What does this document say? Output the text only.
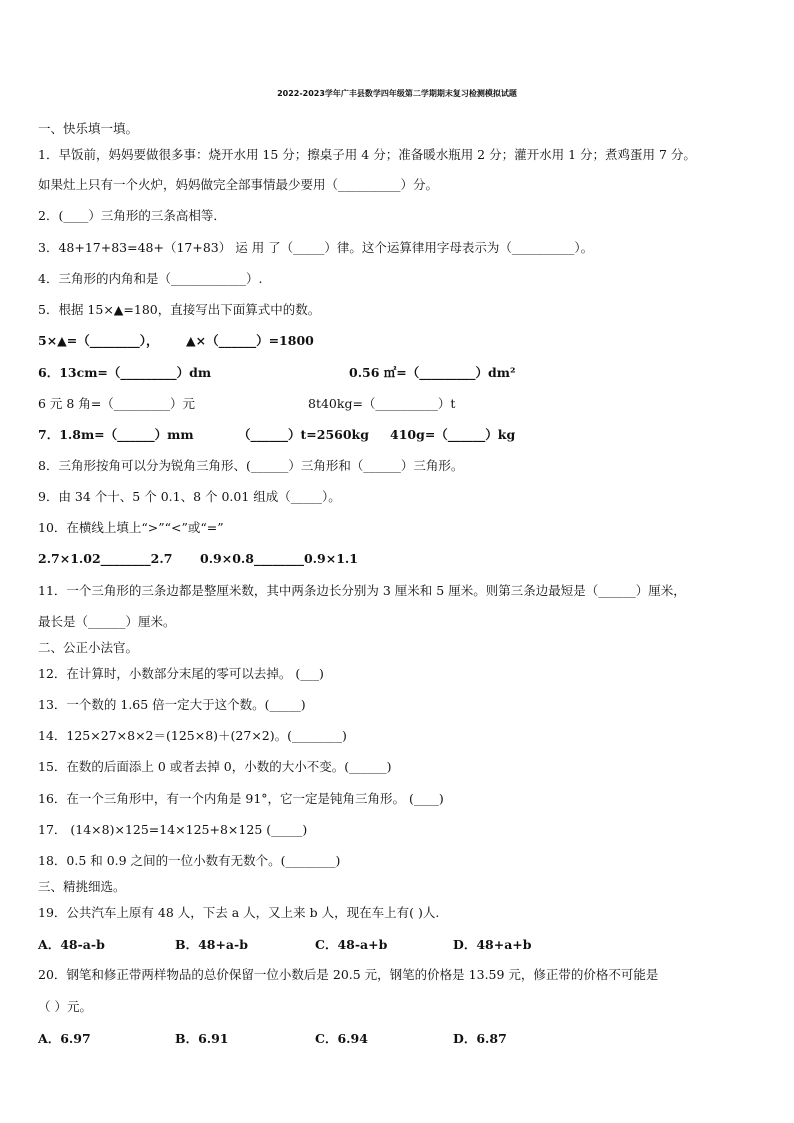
2022-2023学年广丰县数学四年级第二学期期末复习检测模拟试题
一、快乐填一填。
1．早饭前，妈妈要做很多事：烧开水用 15 分；擦桌子用 4 分；准备暖水瓶用 2 分；灌开水用 1 分；煮鸡蛋用 7 分。
如果灶上只有一个火炉，妈妈做完全部事情最少要用（__________）分。
2．(____）三角形的三条高相等．
3．48+17+83=48+（17+83） 运 用 了（_____）律。这个运算律用字母表示为（__________）。
4．三角形的内角和是（____________）.
5．根据 15×▲=180，直接写出下面算式中的数。
5×▲=（________）， ▲×（______）=1800
6．13cm=（_________）dm	0.56 ㎡=（_________）dm²
6 元 8 角=（_________）元	8t40kg=（__________）t
7．1.8m=（______）mm	（______）t=2560kg 410g=（______）kg
8．三角形按角可以分为锐角三角形、(______）三角形和（______）三角形。
9．由 34 个十、5 个 0.1、8 个 0.01 组成（_____）。
10．在横线上填上“>”“<”或“=”
2.7×1.02________2.7 0.9×0.8________0.9×1.1
11．一个三角形的三条边都是整厘米数，其中两条边长分别为 3 厘米和 5 厘米。则第三条边最短是（______）厘米，
最长是（______）厘米。
二、公正小法官。
12．在计算时，小数部分末尾的零可以去掉。 (___)
13．一个数的 1.65 倍一定大于这个数。(_____)
14．125×27×8×2＝(125×8)＋(27×2)。(________)
15．在数的后面添上 0 或者去掉 0，小数的大小不变。(______)
16．在一个三角形中，有一个内角是 91°，它一定是钝角三角形。 (____)
17． (14×8)×125=14×125+8×125 (_____)
18．0.5 和 0.9 之间的一位小数有无数个。(________)
三、精挑细选。
19．公共汽车上原有 48 人，下去 a 人，又上来 b 人，现在车上有( )人.
A．48-a-b	B．48+a-b	C．48-a+b	D．48+a+b
20．钢笔和修正带两样物品的总价保留一位小数后是 20.5 元，钢笔的价格是 13.59 元，修正带的价格不可能是
（ ）元。
A．6.97	B．6.91	C．6.94	D．6.87
